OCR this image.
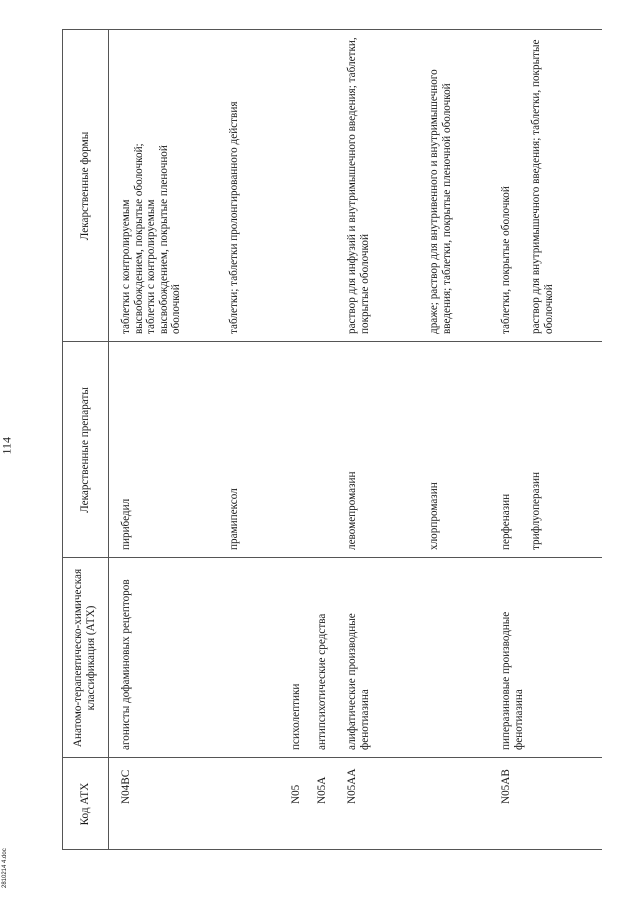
114
Код АТХ
Анатомо-терапевтическо-химическая классификация (АТХ)
Лекарственные препараты
Лекарственные формы
N04BC
агонисты дофаминовых рецепторов
пирибедил
таблетки с контролируемым высвобождением, покрытые оболочкой; таблетки с контролируемым высвобождением, покрытые пленочной оболочкой
прамипексол
таблетки; таблетки пролонгированного действия
N05
психолептики
N05A
антипсихотические средства
N05AA
алифатические производные фенотиазина
левомепромазин
раствор для инфузий и внутримышечного введения; таблетки, покрытые оболочкой
хлорпромазин
драже; раствор для внутривенного и внутримышечного введения; таблетки, покрытые пленочной оболочкой
N05AB
пиперазиновые производные фенотиазина
перфеназин
таблетки, покрытые оболочкой
трифлуоперазин
раствор для внутримышечного введения; таблетки, покрытые оболочкой
2810214 4.doc
